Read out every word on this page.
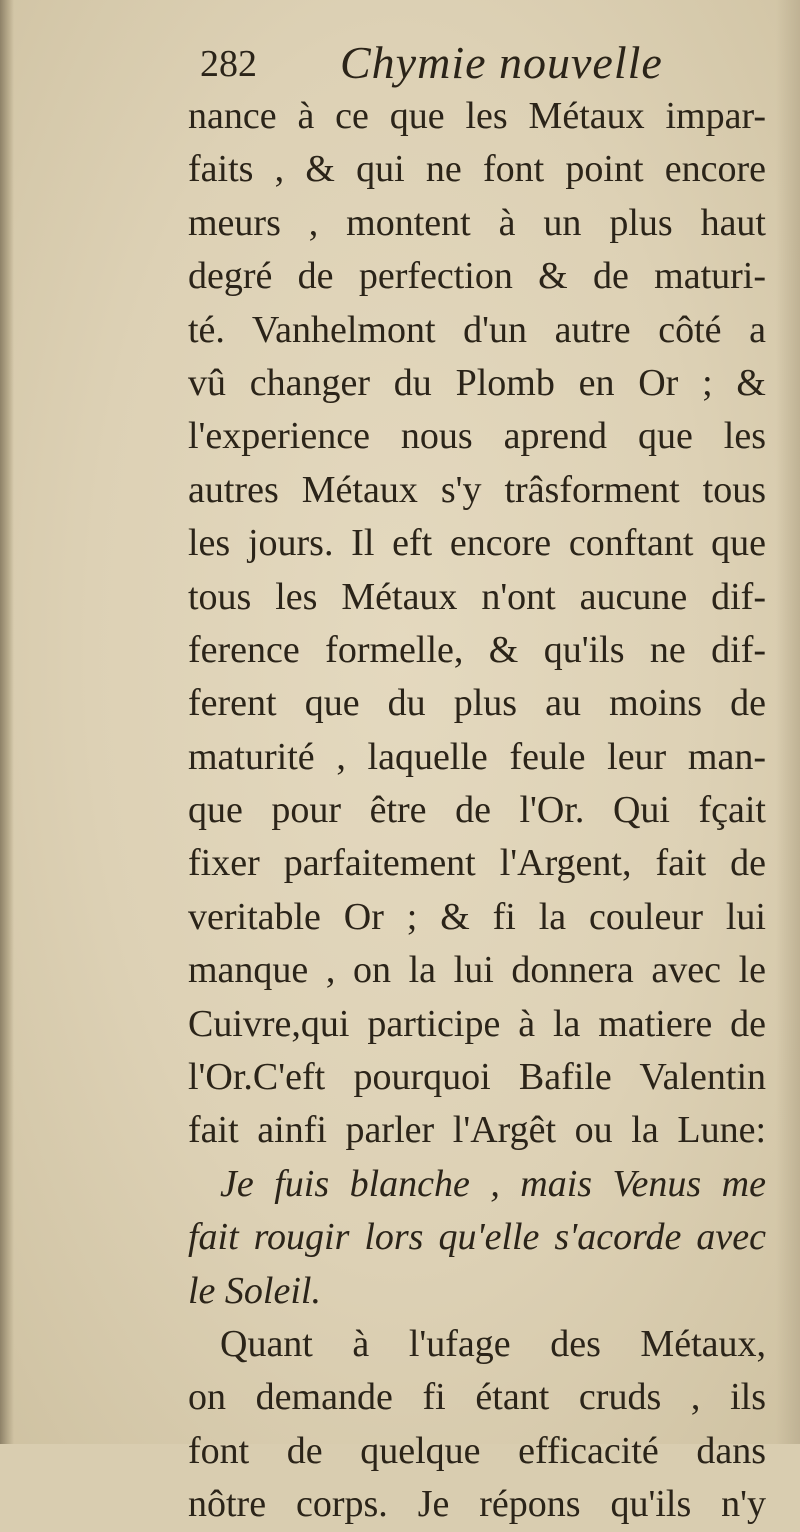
282 Chymie nouvelle
nance à ce que les Métaux impar-
faits , & qui ne font point encore
meurs , montent à un plus haut
degré de perfection & de maturi-
té. Vanhelmont d'un autre côté a
vû changer du Plomb en Or ; &
l'experience nous aprend que les
autres Métaux s'y trâsforment tous
les jours. Il eft encore conftant que
tous les Métaux n'ont aucune dif-
ference formelle, & qu'ils ne dif-
ferent que du plus au moins de
maturité , laquelle feule leur man-
que pour être de l'Or. Qui fçait
fixer parfaitement l'Argent, fait de
veritable Or ; & fi la couleur lui
manque , on la lui donnera avec le
Cuivre,qui participe à la matiere de
l'Or.C'eft pourquoi Bafile Valentin
fait ainfi parler l'Argêt ou la Lune:
Je fuis blanche , mais Venus me
fait rougir lors qu'elle s'acorde avec
le Soleil.
Quant à l'ufage des Métaux,
on demande fi étant cruds , ils
font de quelque efficacité dans
nôtre corps. Je répons qu'ils n'y
